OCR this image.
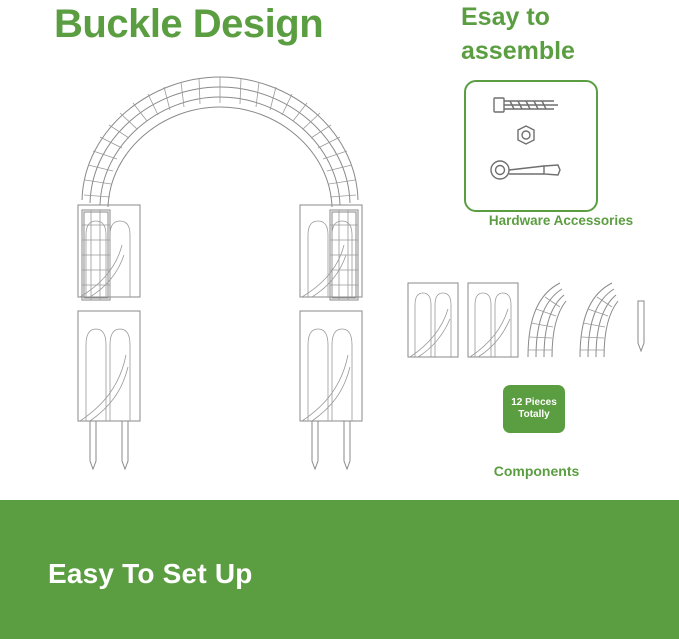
Buckle Design	Esay to
assemble
Hardware Accessories
12 Pieces
Totally
Components
Easy To Set Up
